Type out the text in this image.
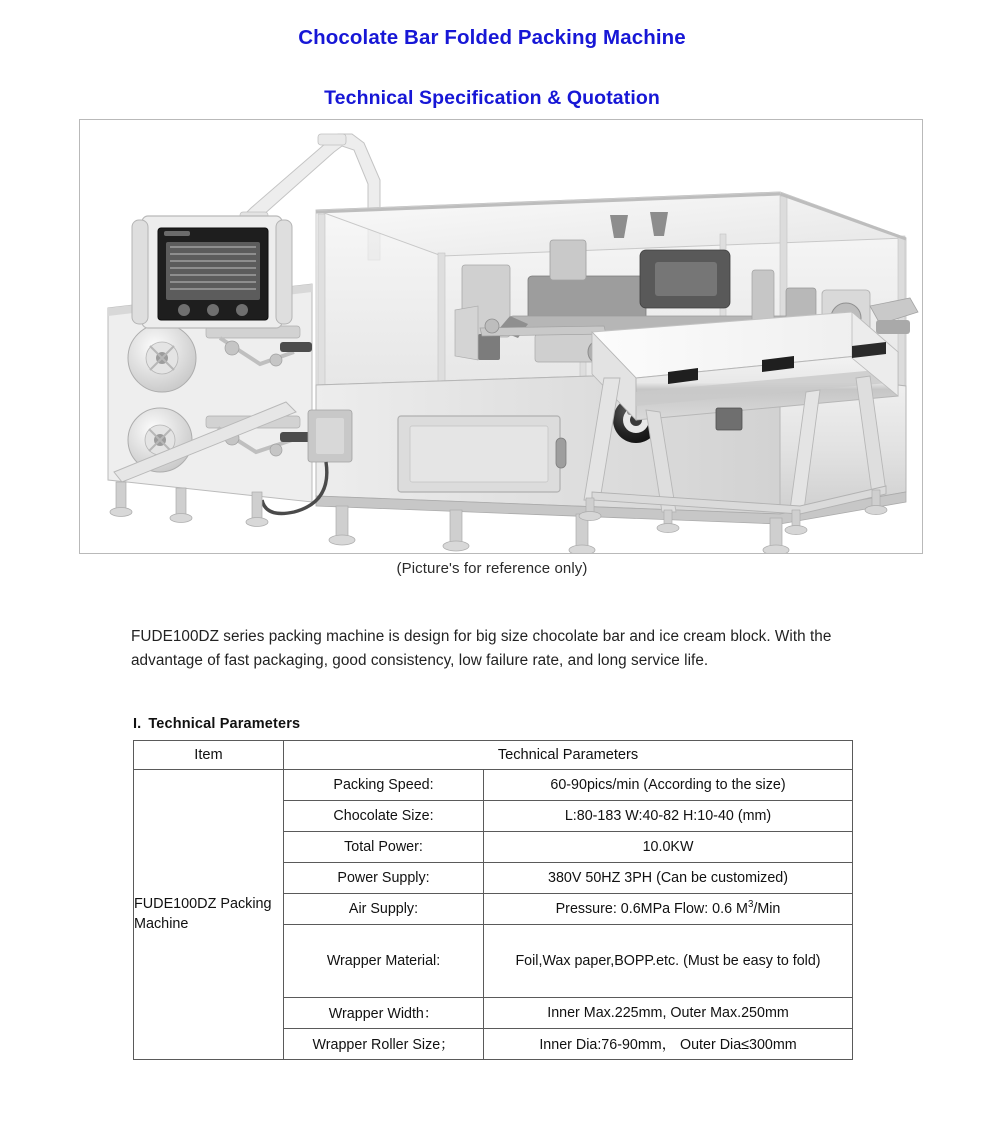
Chocolate Bar Folded Packing Machine
Technical Specification & Quotation
(Picture's for reference only)

FUDE100DZ series packing machine is design for big size chocolate bar and ice cream block. With the advantage of fast packaging, good consistency, low failure rate, and long service life.

I. Technical Parameters
Item	Technical Parameters	
FUDE100DZ Packing Machine	Packing Speed:	60-90pics/min (According to the size)
	Chocolate Size:	L:80-183 W:40-82 H:10-40 (mm)
	Total Power:	10.0KW
	Power Supply:	380V 50HZ 3PH (Can be customized)
	Air Supply:	Pressure: 0.6MPa Flow: 0.6 $M^3$/Min
	Wrapper Material:	Foil,Wax paper,BOPP.etc. (Must be easy to fold)
	Wrapper Width：	Inner Max.225mm, Outer Max.250mm
	Wrapper Roller Size；	Inner Dia:76-90mm， Outer Dia≤300mm
